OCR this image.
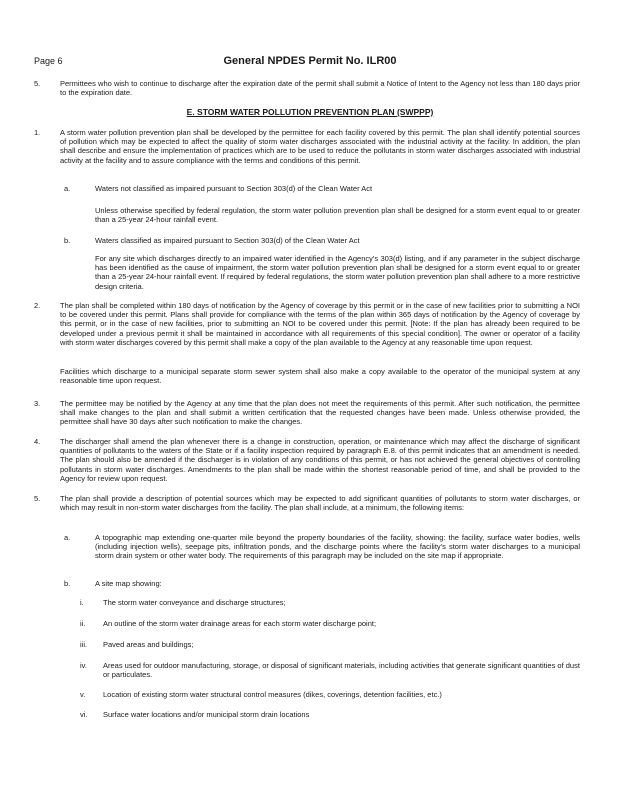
Page 6	General NPDES Permit No. ILR00
5.	Permittees who wish to continue to discharge after the expiration date of the permit shall submit a Notice of Intent to the Agency not less than 180 days prior to the expiration date.
E. STORM WATER POLLUTION PREVENTION PLAN (SWPPP)
1.	A storm water pollution prevention plan shall be developed by the permittee for each facility covered by this permit. The plan shall identify potential sources of pollution which may be expected to affect the quality of storm water discharges associated with the industrial activity at the facility. In addition, the plan shall describe and ensure the implementation of practices which are to be used to reduce the pollutants in storm water discharges associated with industrial activity at the facility and to assure compliance with the terms and conditions of this permit.
a.	Waters not classified as impaired pursuant to Section 303(d) of the Clean Water Act
Unless otherwise specified by federal regulation, the storm water pollution prevention plan shall be designed for a storm event equal to or greater than a 25-year 24-hour rainfall event.
b.	Waters classified as impaired pursuant to Section 303(d) of the Clean Water Act
For any site which discharges directly to an impaired water identified in the Agency's 303(d) listing, and if any parameter in the subject discharge has been identified as the cause of impairment, the storm water pollution prevention plan shall be designed for a storm event equal to or greater than a 25-year 24-hour rainfall event. If required by federal regulations, the storm water pollution prevention plan shall adhere to a more restrictive design criteria.
2.	The plan shall be completed within 180 days of notification by the Agency of coverage by this permit or in the case of new facilities prior to submitting a NOI to be covered under this permit. Plans shall provide for compliance with the terms of the plan within 365 days of notification by the Agency of coverage by this permit, or in the case of new facilities, prior to submitting an NOI to be covered under this permit. [Note: If the plan has already been required to be developed under a previous permit it shall be maintained in accordance with all requirements of this special condition]. The owner or operator of a facility with storm water discharges covered by this permit shall make a copy of the plan available to the Agency at any reasonable time upon request.
Facilities which discharge to a municipal separate storm sewer system shall also make a copy available to the operator of the municipal system at any reasonable time upon request.
3.	The permittee may be notified by the Agency at any time that the plan does not meet the requirements of this permit. After such notification, the permittee shall make changes to the plan and shall submit a written certification that the requested changes have been made. Unless otherwise provided, the permittee shall have 30 days after such notification to make the changes.
4.	The discharger shall amend the plan whenever there is a change in construction, operation, or maintenance which may affect the discharge of significant quantities of pollutants to the waters of the State or if a facility inspection required by paragraph E.8. of this permit indicates that an amendment is needed. The plan should also be amended if the discharger is in violation of any conditions of this permit, or has not achieved the general objectives of controlling pollutants in storm water discharges. Amendments to the plan shall be made within the shortest reasonable period of time, and shall be provided to the Agency for review upon request.
5.	The plan shall provide a description of potential sources which may be expected to add significant quantities of pollutants to storm water discharges, or which may result in non-storm water discharges from the facility. The plan shall include, at a minimum, the following items:
a.	A topographic map extending one-quarter mile beyond the property boundaries of the facility, showing: the facility, surface water bodies, wells (including injection wells), seepage pits, infiltration ponds, and the discharge points where the facility's storm water discharges to a municipal storm drain system or other water body. The requirements of this paragraph may be included on the site map if appropriate.
b.	A site map showing:
i.	The storm water conveyance and discharge structures;
ii. An outline of the storm water drainage areas for each storm water discharge point;
iii. Paved areas and buildings;
iv. Areas used for outdoor manufacturing, storage, or disposal of significant materials, including activities that generate significant quantities of dust or particulates.
v. Location of existing storm water structural control measures (dikes, coverings, detention facilities, etc.)
vi. Surface water locations and/or municipal storm drain locations
